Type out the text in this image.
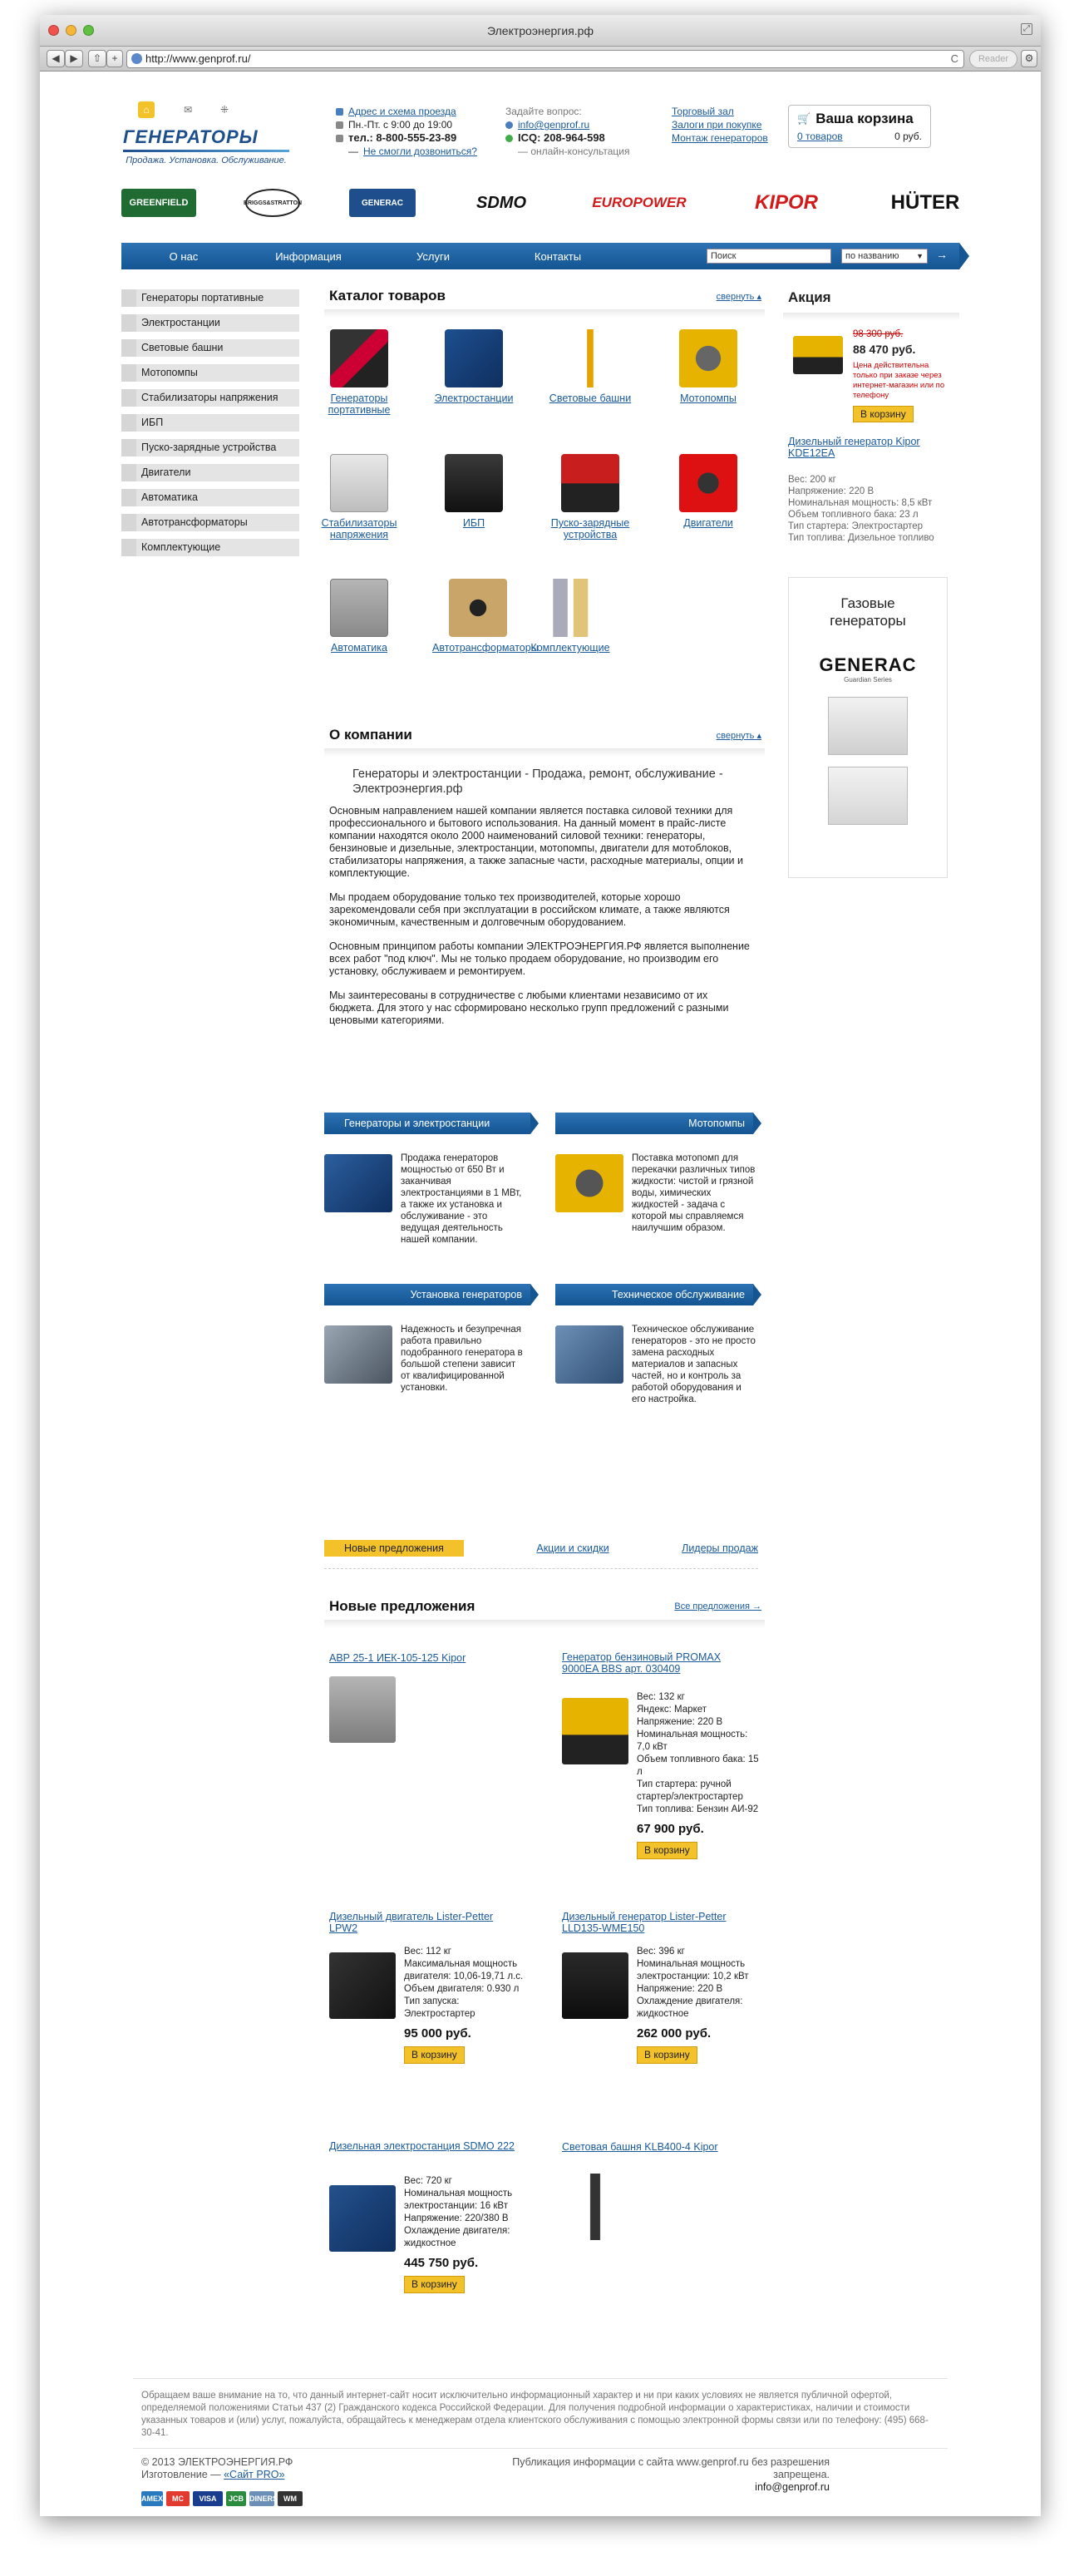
Электроэнергия.рф	⤢
◀	▶	⇧	+	http://www.genprof.ru/	C	Reader	⚙
⌂	✉	⁜
ГЕНЕРАТОРЫ
Продажа. Установка. Обслуживание.
Адрес и схема проезда
Пн.-Пт. с 9:00 до 19:00
тел.: 8-800-555-23-89
— Не смогли дозвониться?
Задайте вопрос:
info@genprof.ru
ICQ: 208-964-598
— онлайн-консультация
Торговый зал
Залоги при покупке
Монтаж генераторов
🛒 Ваша корзина
0 товаров	0 руб.
GREENFIELD	BRIGGS&STRATTON	GENERAC	SDMO	EUROPOWER	KIPOR	HÜTER
О нас	Информация	Услуги	Контакты	Поиск	по названию ▼ →
Генераторы портативные
Электростанции
Световые башни
Мотопомпы
Стабилизаторы напряжения
ИБП
Пуско-зарядные устройства
Двигатели
Автоматика
Автотрансформаторы
Комплектующие
Каталог товаров	свернуть ▴
Генераторы портативные
Электростанции	Световые башни	Мотопомпы
Стабилизаторы напряжения
ИБП	Пуско-зарядные устройства
Двигатели
Автоматика	Автотрансформаторы
Комплектующие
Акция
98 300 руб.
88 470 руб.
Цена действительна только при заказе через интернет-магазин или по телефону
В корзину
Дизельный генератор Kipor KDE12EA
Вес: 200 кг
Напряжение: 220 В
Номинальная мощность: 8,5 кВт
Объем топливного бака: 23 л
Тип стартера: Электростартер
Тип топлива: Дизельное топливо
Газовые генераторы
GENERAC
Guardian Series
О компании	свернуть ▴

Генераторы и электростанции - Продажа, ремонт, обслуживание - Электроэнергия.рф

Основным направлением нашей компании является поставка силовой техники для профессионального и бытового использования. На данный момент в прайс-листе компании находятся около 2000 наименований силовой техники: генераторы, бензиновые и дизельные, электростанции, мотопомпы, двигатели для мотоблоков, стабилизаторы напряжения, а также запасные части, расходные материалы, опции и комплектующие.

Мы продаем оборудование только тех производителей, которые хорошо зарекомендовали себя при эксплуатации в российском климате, а также являются экономичным, качественным и долговечным оборудованием.

Основным принципом работы компании ЭЛЕКТРОЭНЕРГИЯ.РФ является выполнение всех работ "под ключ". Мы не только продаем оборудование, но производим его установку, обслуживаем и ремонтируем.

Мы заинтересованы в сотрудничестве с любыми клиентами независимо от их бюджета. Для этого у нас сформировано несколько групп предложений с разными ценовыми категориями.

Генераторы и электростанции	Мотопомпы
Продажа генераторов мощностью от 650 Вт и заканчивая электростанциями в 1 МВт, а также их установка и обслуживание - это ведущая деятельность нашей компании.
Поставка мотопомп для перекачки различных типов жидкости: чистой и грязной воды, химических жидкостей - задача с которой мы справляемся наилучшим образом.
Установка генераторов	Техническое обслуживание
Надежность и безупречная работа правильно подобранного генератора в большой степени зависит от квалифицированной установки.
Техническое обслуживание генераторов - это не просто замена расходных материалов и запасных частей, но и контроль за работой оборудования и его настройка.
Новые предложения	Акции и скидки	Лидеры продаж
Новые предложения	Все предложения →
АВР 25-1 ИЕК-105-125 Kipor	Генератор бензиновый PROMAX 9000EA BBS арт. 030409
Вес: 132 кг
Яндекс: Маркет
Напряжение: 220 В
Номинальная мощность: 7,0 кВт
Объем топливного бака: 15 л
Тип стартера: ручной стартер/электростартер
Тип топлива: Бензин АИ-92
67 900 руб.
В корзину
Дизельный двигатель Lister-Petter LPW2
Вес: 112 кг
Максимальная мощность двигателя: 10,06-19,71 л.с.
Объем двигателя: 0.930 л
Тип запуска: Электростартер
95 000 руб.
В корзину
Дизельный генератор Lister-Petter LLD135-WME150
Вес: 396 кг
Номинальная мощность электростанции: 10,2 кВт
Напряжение: 220 В
Охлаждение двигателя: жидкостное
262 000 руб.
В корзину
Дизельная электростанция SDMO 222
Вес: 720 кг
Номинальная мощность электростанции: 16 кВт
Напряжение: 220/380 В
Охлаждение двигателя: жидкостное
445 750 руб.
В корзину
Световая башня KLB400-4 Kipor
Обращаем ваше внимание на то, что данный интернет-сайт носит исключительно информационный характер и ни при каких условиях не является публичной офертой, определяемой положениями Статьи 437 (2) Гражданского кодекса Российской Федерации. Для получения подробной информации о характеристиках, наличии и стоимости указанных товаров и (или) услуг, пожалуйста, обращайтесь к менеджерам отдела клиентского обслуживания с помощью электронной формы связи или по телефону: (495) 668-30-41.
© 2013 ЭЛЕКТРОЭНЕРГИЯ.РФ
Изготовление — «Сайт PRO»
Публикация информации с сайта www.genprof.ru без разрешения запрещена.
info@genprof.ru
AMEX	MC	VISA	JCB DINERS WM
